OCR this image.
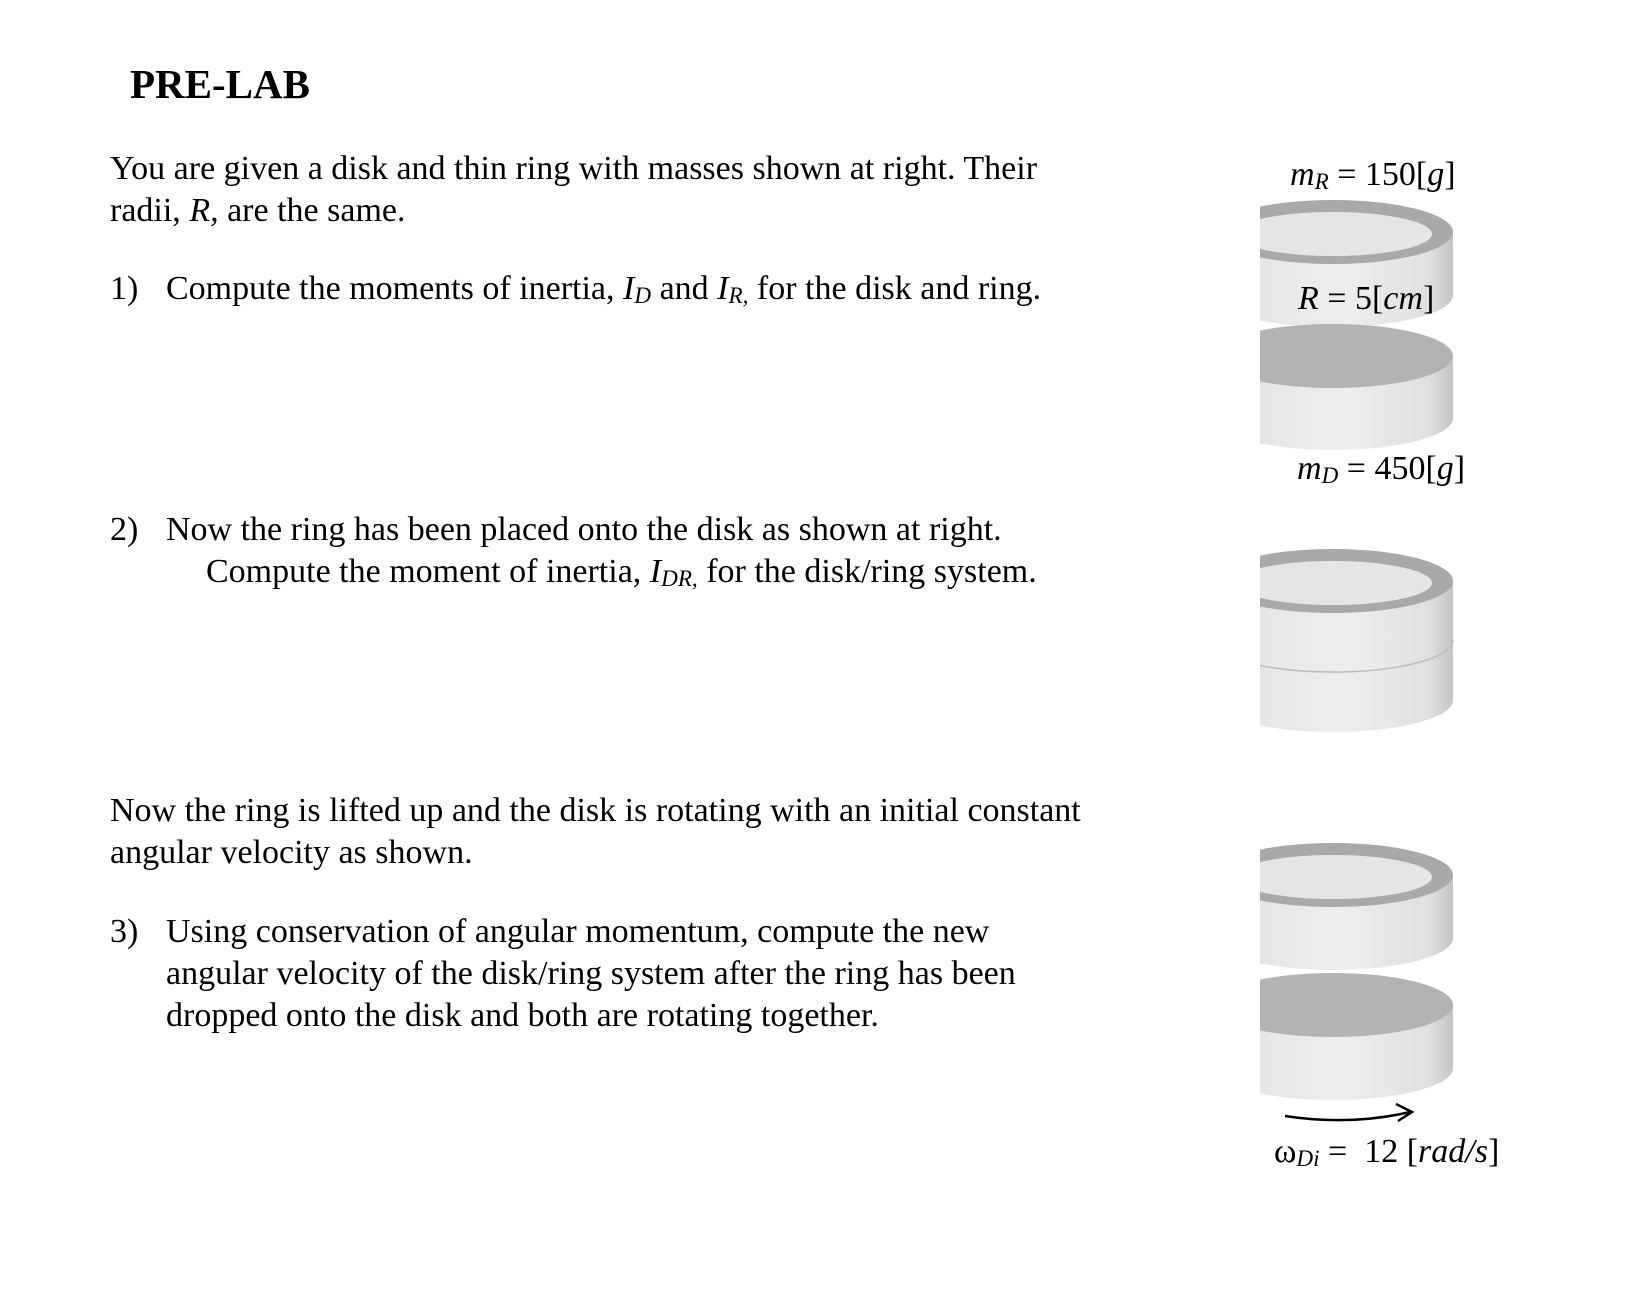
PRE-LAB
You are given a disk and thin ring with masses shown at right. Their
radii, R, are the same.
1) Compute the moments of inertia, $I_D$ and $I_{R,}$ for the disk and ring.
2) Now the ring has been placed onto the disk as shown at right.
Compute the moment of inertia, $I_{DR,}$ for the disk/ring system.
Now the ring is lifted up and the disk is rotating with an initial constant
angular velocity as shown.
3) Using conservation of angular momentum, compute the new
angular velocity of the disk/ring system after the ring has been
dropped onto the disk and both are rotating together.
$m_R = 150[g]$
R = 5[cm]
$m_D = 450[g]$
$\omega_{Di} = 12$ [rad/s]
